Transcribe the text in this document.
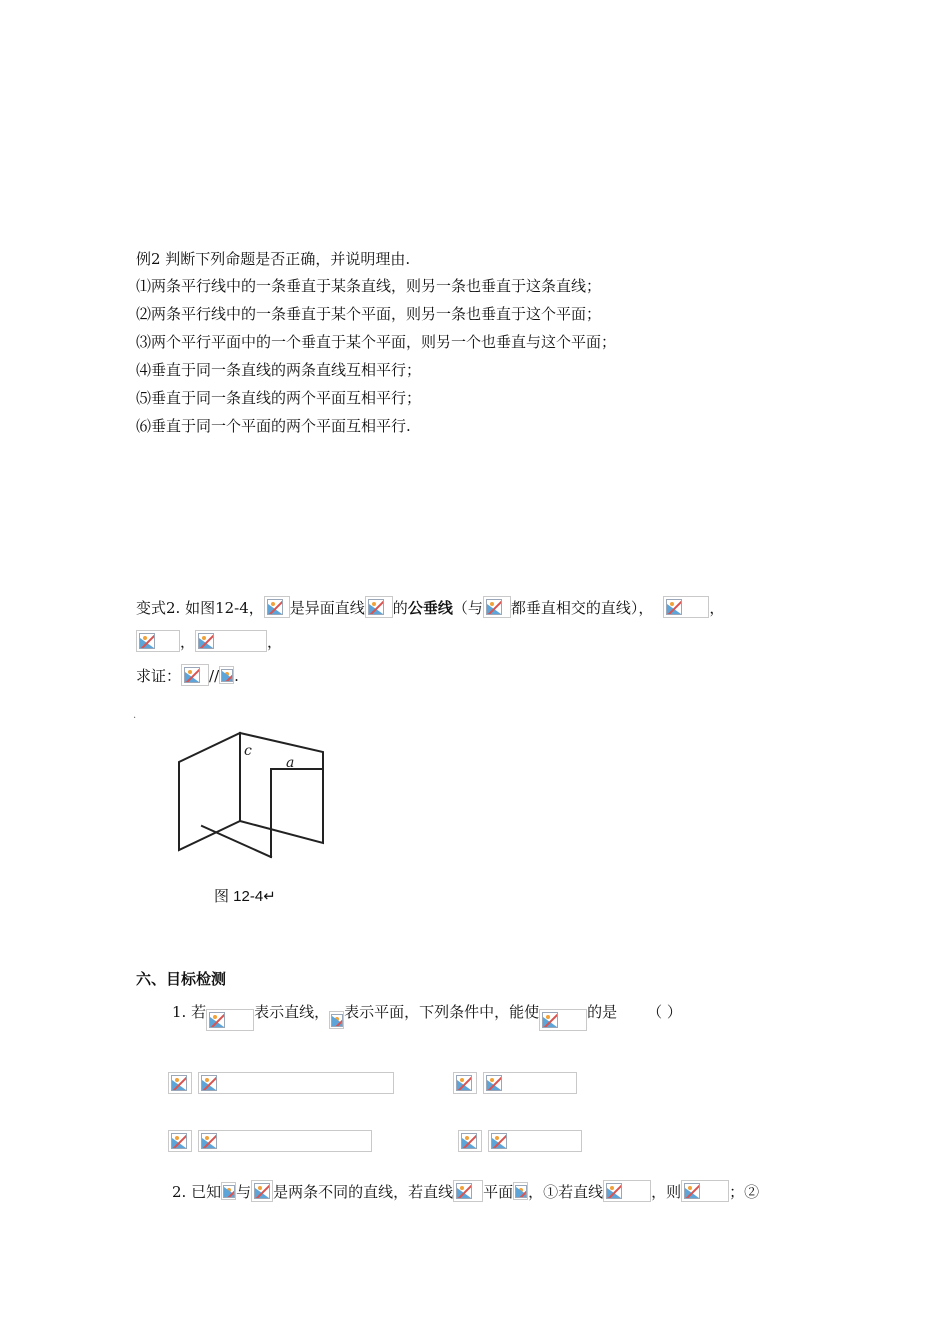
例2 判断下列命题是否正确，并说明理由.
⑴两条平行线中的一条垂直于某条直线，则另一条也垂直于这条直线；
⑵两条平行线中的一条垂直于某个平面，则另一条也垂直于这个平面；
⑶两个平行平面中的一个垂直于某个平面，则另一个也垂直与这个平面；
⑷垂直于同一条直线的两条直线互相平行；
⑸垂直于同一条直线的两个平面互相平行；
⑹垂直于同一个平面的两个平面互相平行.
变式2. 如图12-4， 是异面直线 的公垂线（与 都垂直相交的直线），	，
，	，
求证： // .
.
c
a
图 12-4↵
六、目标检测
1. 若	表示直线， 表示平面，下列条件中，能使	的是 （ ）
2. 已知 与 是两条不同的直线，若直线 平面 ，①若直线	，则	；②
